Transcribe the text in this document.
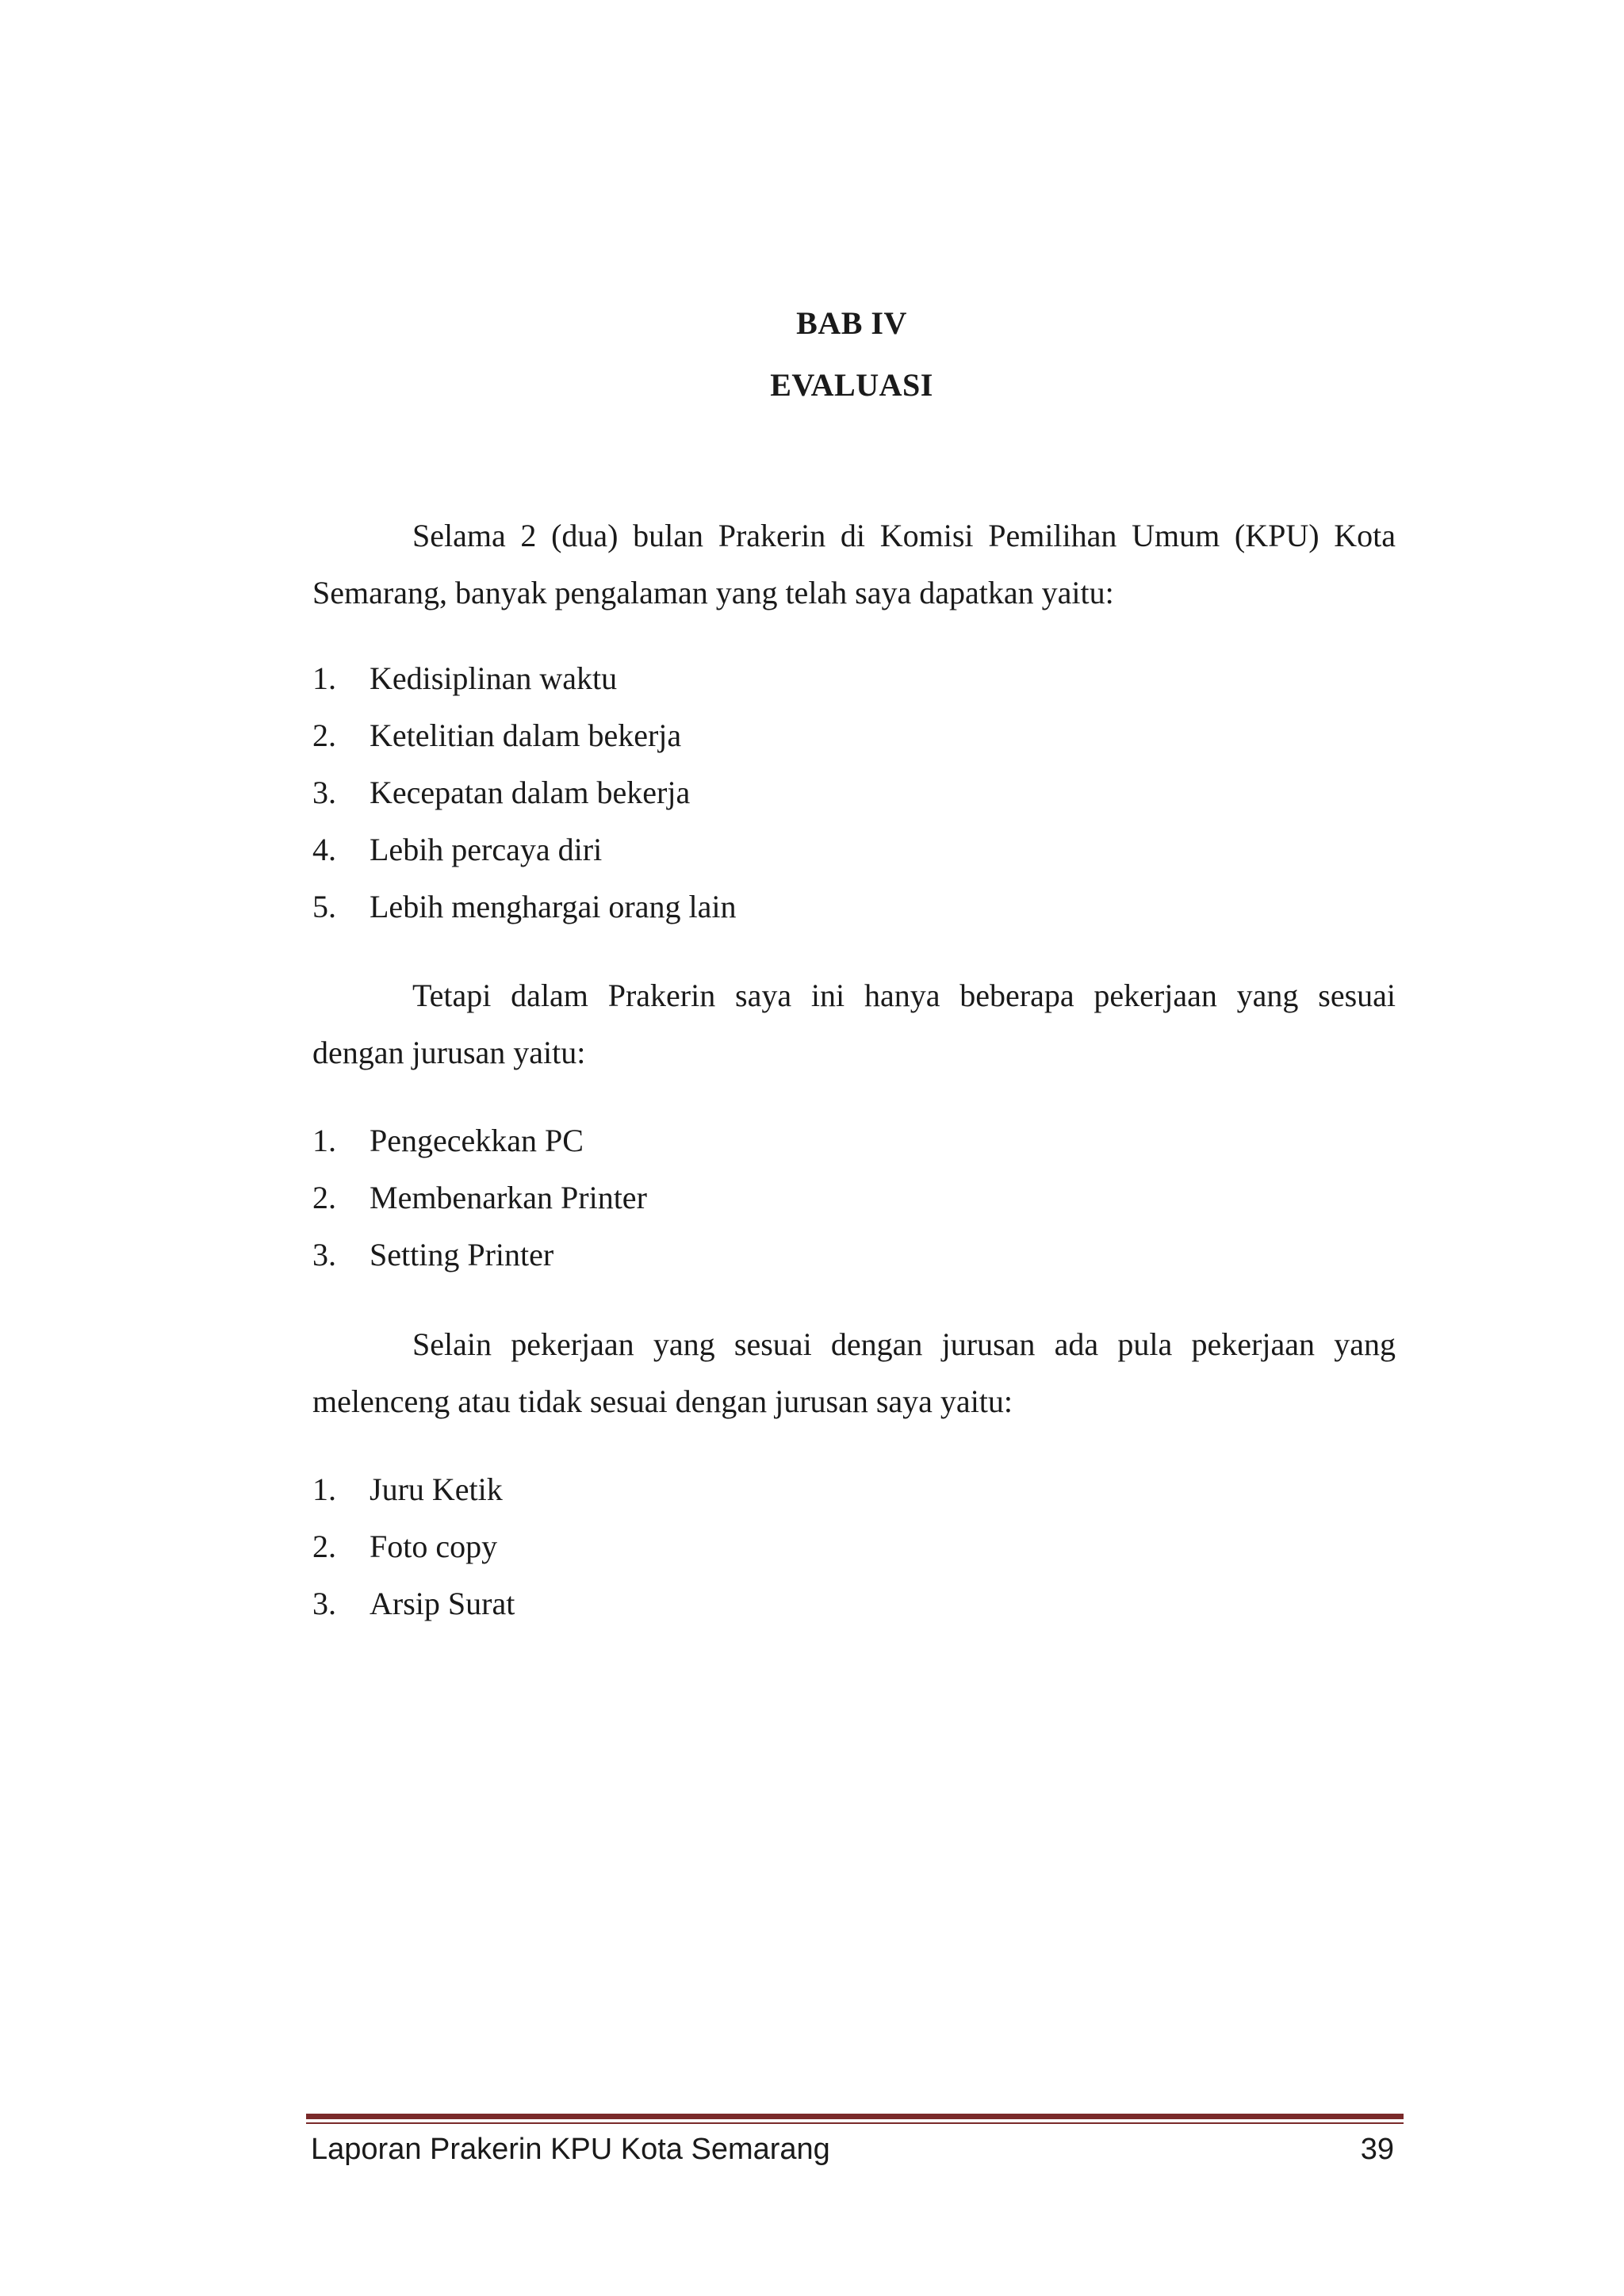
BAB IV
EVALUASI
Selama 2 (dua) bulan Prakerin di Komisi Pemilihan Umum (KPU) Kota
Semarang, banyak pengalaman yang telah saya dapatkan yaitu:
1. Kedisiplinan waktu
2. Ketelitian dalam bekerja
3. Kecepatan dalam bekerja
4. Lebih percaya diri
5. Lebih menghargai orang lain
Tetapi dalam Prakerin saya ini hanya beberapa pekerjaan yang sesuai
dengan jurusan yaitu:
1. Pengecekkan PC
2. Membenarkan Printer
3. Setting Printer
Selain pekerjaan yang sesuai dengan jurusan ada pula pekerjaan yang
melenceng atau tidak sesuai dengan jurusan saya yaitu:
1. Juru Ketik
2. Foto copy
3. Arsip Surat
Laporan Prakerin KPU Kota Semarang	39
